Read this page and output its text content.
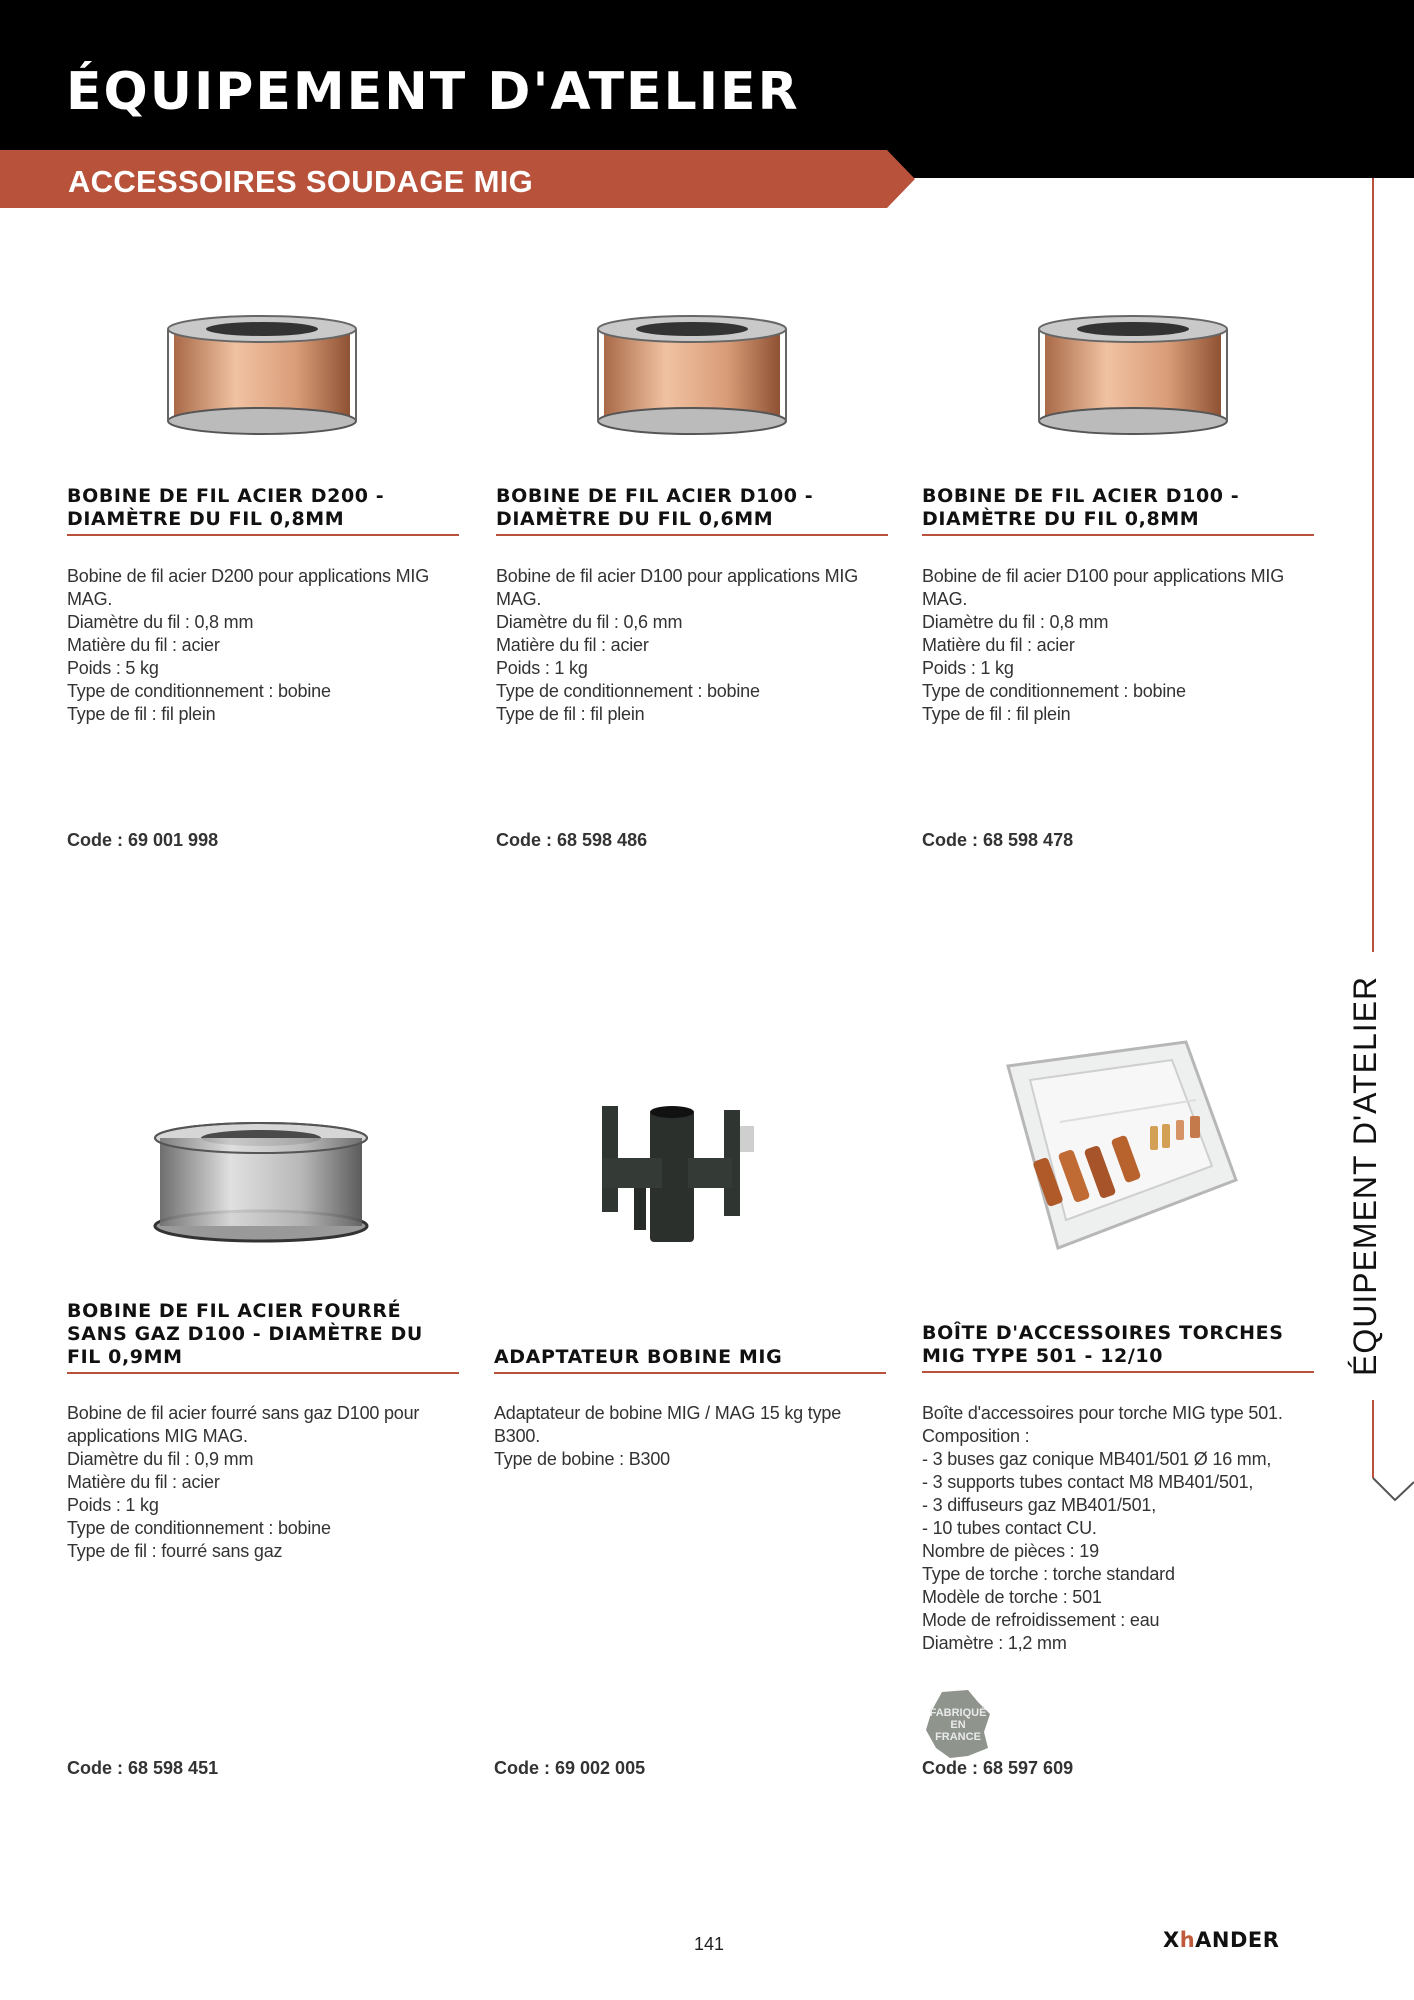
ÉQUIPEMENT D'ATELIER
ACCESSOIRES SOUDAGE MIG
ÉQUIPEMENT D'ATELIER
BOBINE DE FIL ACIER D200 - DIAMÈTRE DU FIL 0,8MM
Bobine de fil acier D200 pour applications MIG MAG.
Diamètre du fil : 0,8 mm
Matière du fil : acier
Poids : 5 kg
Type de conditionnement : bobine
Type de fil : fil plein
Code : 69 001 998
BOBINE DE FIL ACIER D100 - DIAMÈTRE DU FIL 0,6MM
Bobine de fil acier D100 pour applications MIG MAG.
Diamètre du fil : 0,6 mm
Matière du fil : acier
Poids : 1 kg
Type de conditionnement : bobine
Type de fil : fil plein
Code : 68 598 486
BOBINE DE FIL ACIER D100 - DIAMÈTRE DU FIL 0,8MM
Bobine de fil acier D100 pour applications MIG MAG.
Diamètre du fil : 0,8 mm
Matière du fil : acier
Poids : 1 kg
Type de conditionnement : bobine
Type de fil : fil plein
Code : 68 598 478
BOBINE DE FIL ACIER FOURRÉ SANS GAZ D100 - DIAMÈTRE DU FIL 0,9MM
Bobine de fil acier fourré sans gaz D100 pour applications MIG MAG.
Diamètre du fil : 0,9 mm
Matière du fil : acier
Poids : 1 kg
Type de conditionnement : bobine
Type de fil : fourré sans gaz
Code : 68 598 451
ADAPTATEUR BOBINE MIG
Adaptateur de bobine MIG / MAG 15 kg type B300.
Type de bobine : B300
Code : 69 002 005
BOÎTE D'ACCESSOIRES TORCHES MIG TYPE 501 - 12/10
Boîte d'accessoires pour torche MIG type 501.
Composition :
- 3 buses gaz conique MB401/501 Ø 16 mm,
- 3 supports tubes contact M8 MB401/501,
- 3 diffuseurs gaz MB401/501,
- 10 tubes contact CU.
Nombre de pièces : 19
Type de torche : torche standard
Modèle de torche : 501
Mode de refroidissement : eau
Diamètre : 1,2 mm
FABRIQUÉ
EN
FRANCE
Code : 68 597 609
141	XhANDER
